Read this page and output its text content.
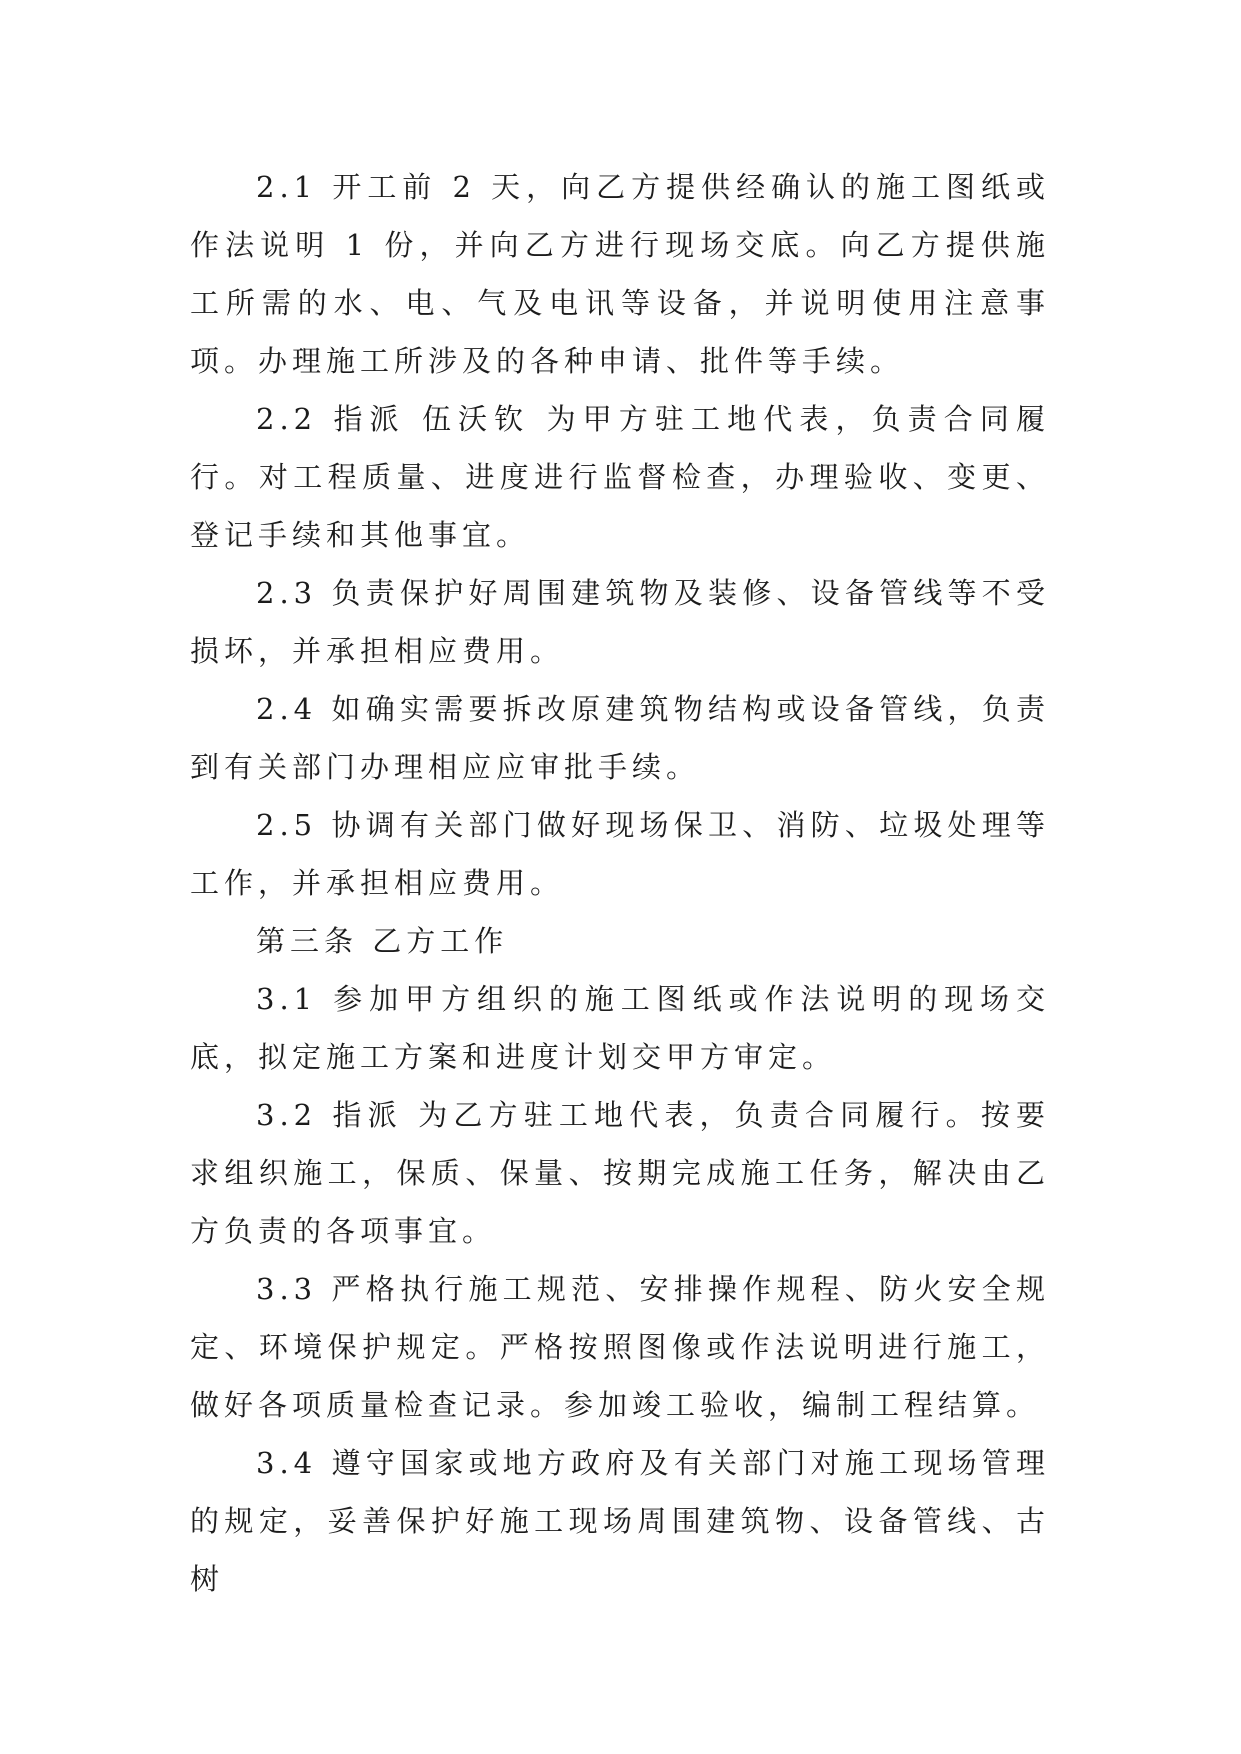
2.1 开工前 2 天，向乙方提供经确认的施工图纸或作法说明 1 份，并向乙方进行现场交底。向乙方提供施工所需的水、电、气及电讯等设备，并说明使用注意事项。办理施工所涉及的各种申请、批件等手续。

2.2 指派 伍沃钦 为甲方驻工地代表，负责合同履行。对工程质量、进度进行监督检查，办理验收、变更、登记手续和其他事宜。

2.3 负责保护好周围建筑物及装修、设备管线等不受损坏，并承担相应费用。

2.4 如确实需要拆改原建筑物结构或设备管线，负责到有关部门办理相应应审批手续。

2.5 协调有关部门做好现场保卫、消防、垃圾处理等工作，并承担相应费用。

第三条 乙方工作

3.1 参加甲方组织的施工图纸或作法说明的现场交底，拟定施工方案和进度计划交甲方审定。

3.2 指派 为乙方驻工地代表，负责合同履行。按要求组织施工，保质、保量、按期完成施工任务，解决由乙方负责的各项事宜。

3.3 严格执行施工规范、安排操作规程、防火安全规定、环境保护规定。严格按照图像或作法说明进行施工，做好各项质量检查记录。参加竣工验收，编制工程结算。

3.4 遵守国家或地方政府及有关部门对施工现场管理的规定，妥善保护好施工现场周围建筑物、设备管线、古树
